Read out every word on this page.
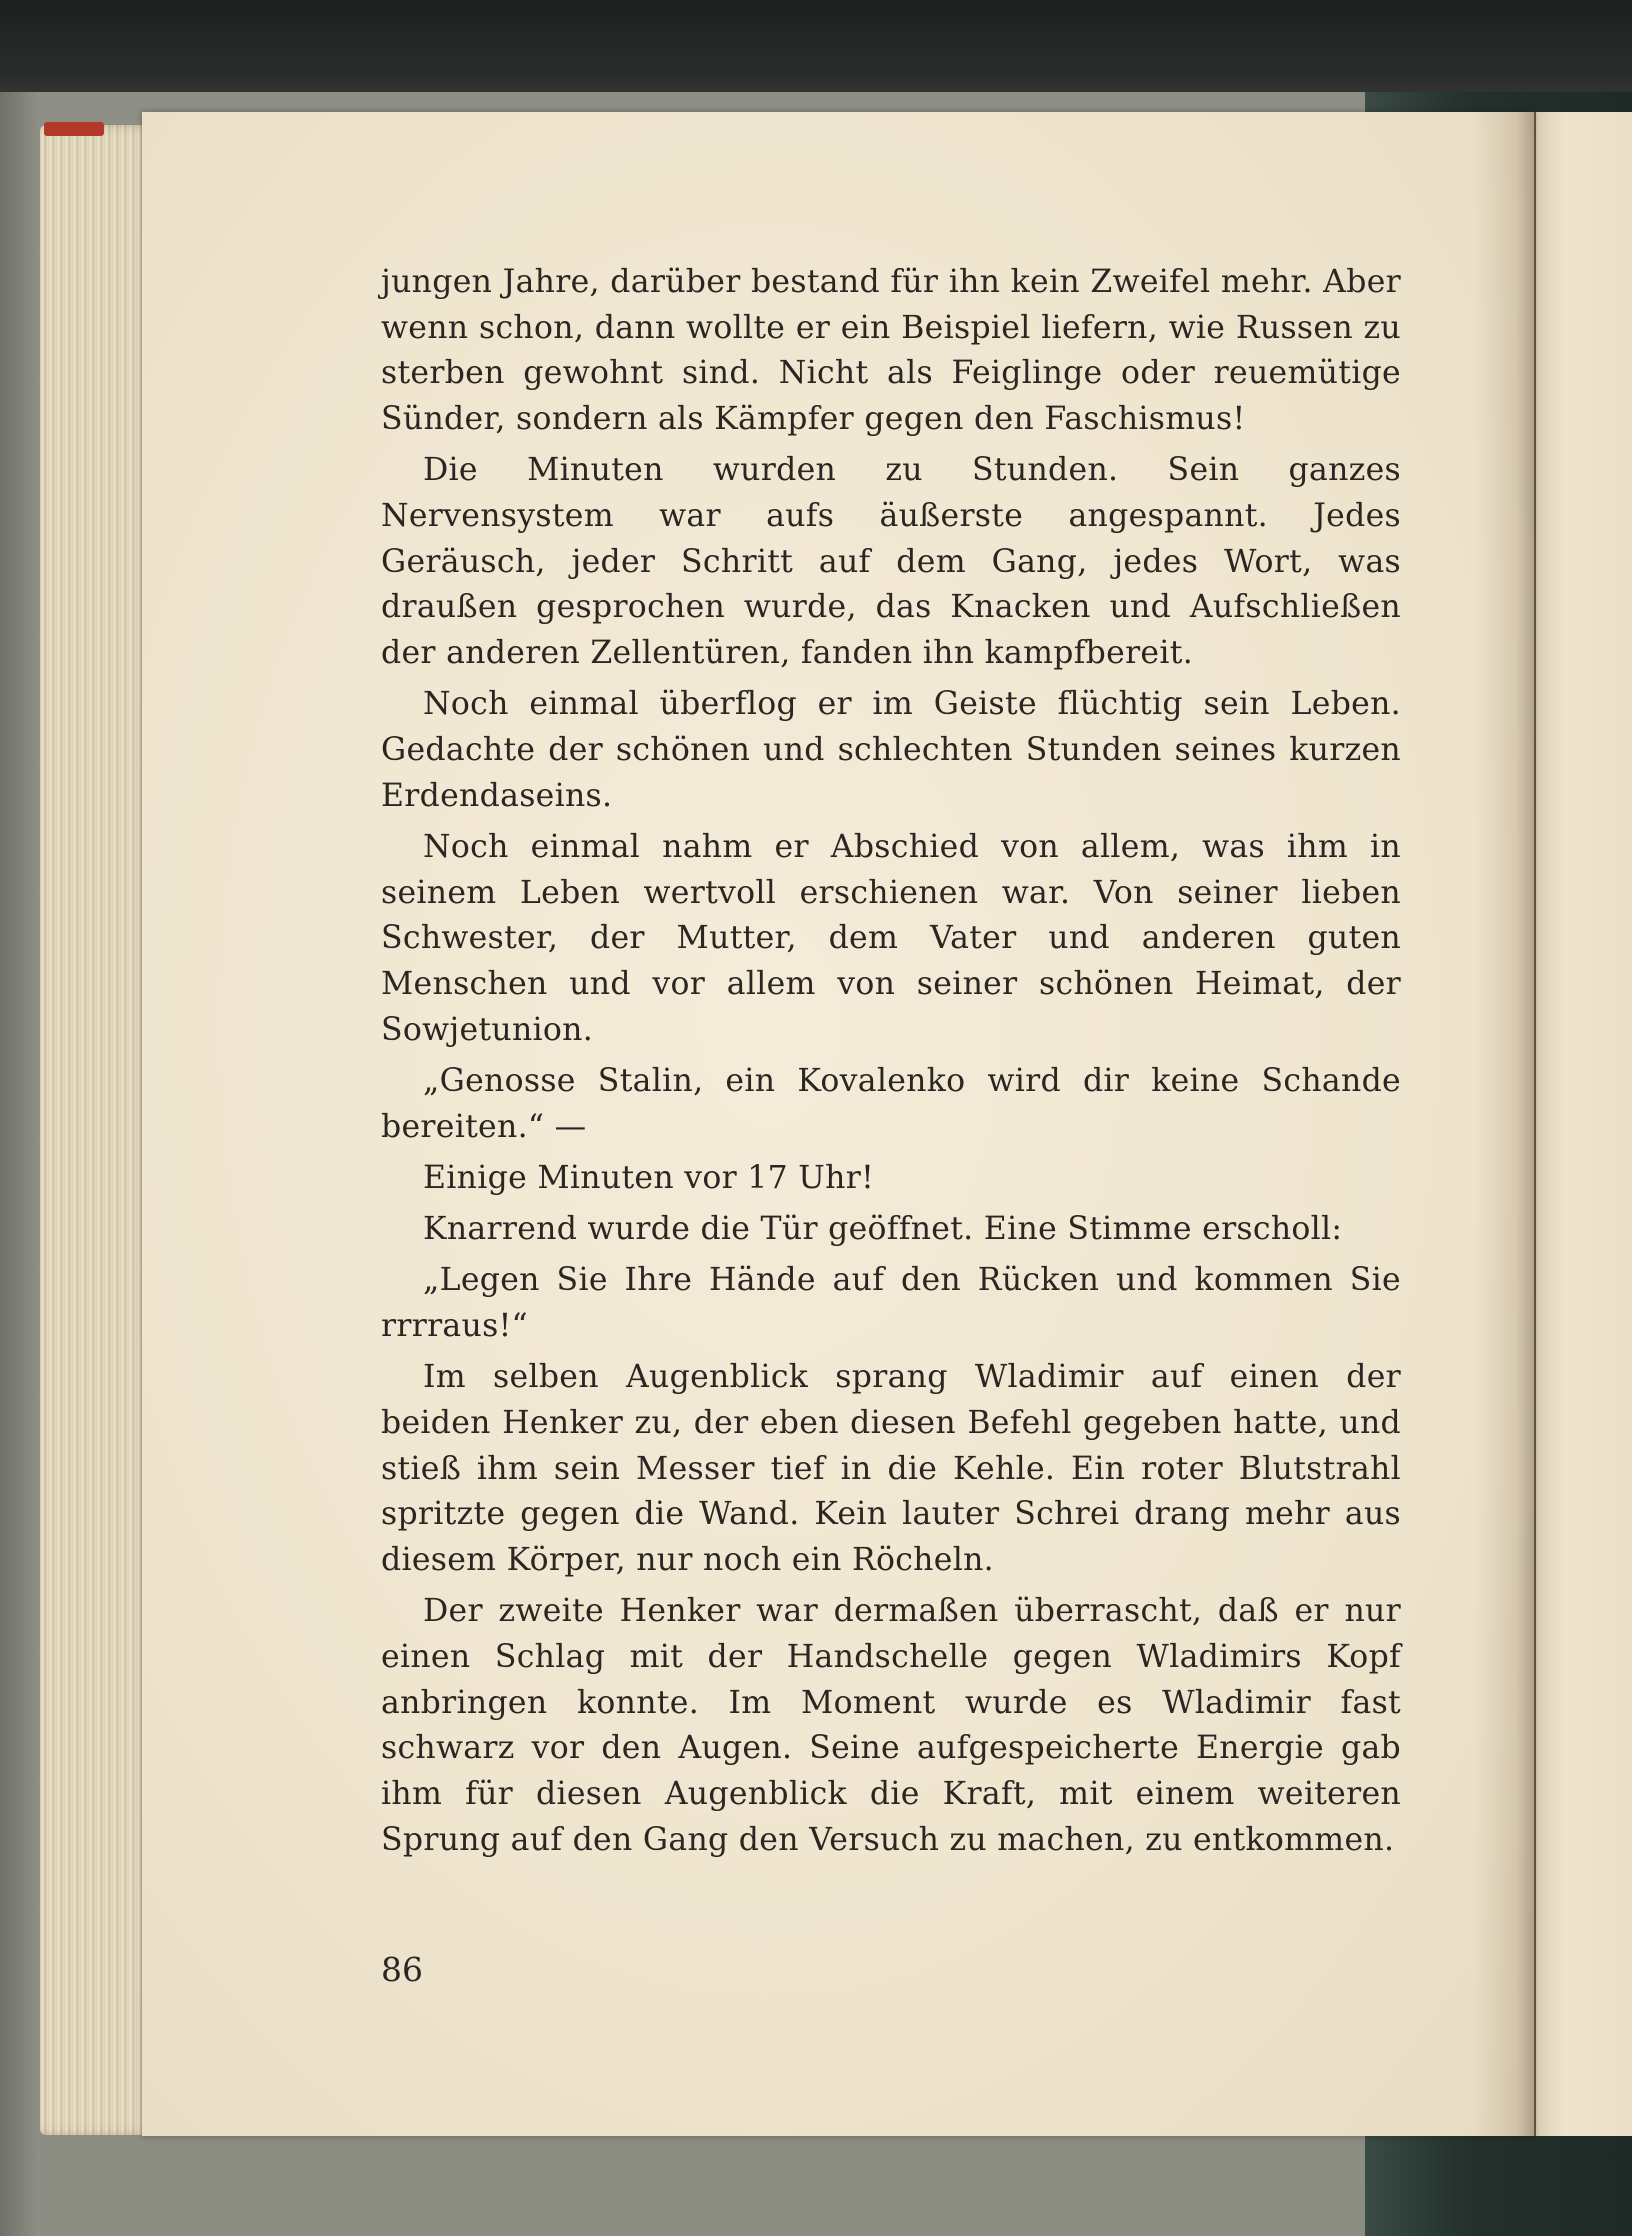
jungen Jahre, darüber bestand für ihn kein Zweifel mehr. Aber wenn schon, dann wollte er ein Beispiel liefern, wie Russen zu sterben gewohnt sind. Nicht als Feiglinge oder reuemütige Sünder, sondern als Kämpfer gegen den Faschismus!

Die Minuten wurden zu Stunden. Sein ganzes Nervensystem war aufs äußerste angespannt. Jedes Geräusch, jeder Schritt auf dem Gang, jedes Wort, was draußen gesprochen wurde, das Knacken und Aufschließen der anderen Zellentüren, fanden ihn kampfbereit.

Noch einmal überflog er im Geiste flüchtig sein Leben. Gedachte der schönen und schlechten Stunden seines kurzen Erdendaseins.

Noch einmal nahm er Abschied von allem, was ihm in seinem Leben wertvoll erschienen war. Von seiner lieben Schwester, der Mutter, dem Vater und anderen guten Menschen und vor allem von seiner schönen Heimat, der Sowjetunion.

„Genosse Stalin, ein Kovalenko wird dir keine Schande bereiten.“ —

Einige Minuten vor 17 Uhr!

Knarrend wurde die Tür geöffnet. Eine Stimme erscholl:

„Legen Sie Ihre Hände auf den Rücken und kommen Sie rrrraus!“

Im selben Augenblick sprang Wladimir auf einen der beiden Henker zu, der eben diesen Befehl gegeben hatte, und stieß ihm sein Messer tief in die Kehle. Ein roter Blutstrahl spritzte gegen die Wand. Kein lauter Schrei drang mehr aus diesem Körper, nur noch ein Röcheln.

Der zweite Henker war dermaßen überrascht, daß er nur einen Schlag mit der Handschelle gegen Wladimirs Kopf anbringen konnte. Im Moment wurde es Wladimir fast schwarz vor den Augen. Seine aufgespeicherte Energie gab ihm für diesen Augenblick die Kraft, mit einem weiteren Sprung auf den Gang den Versuch zu machen, zu entkommen.

86
